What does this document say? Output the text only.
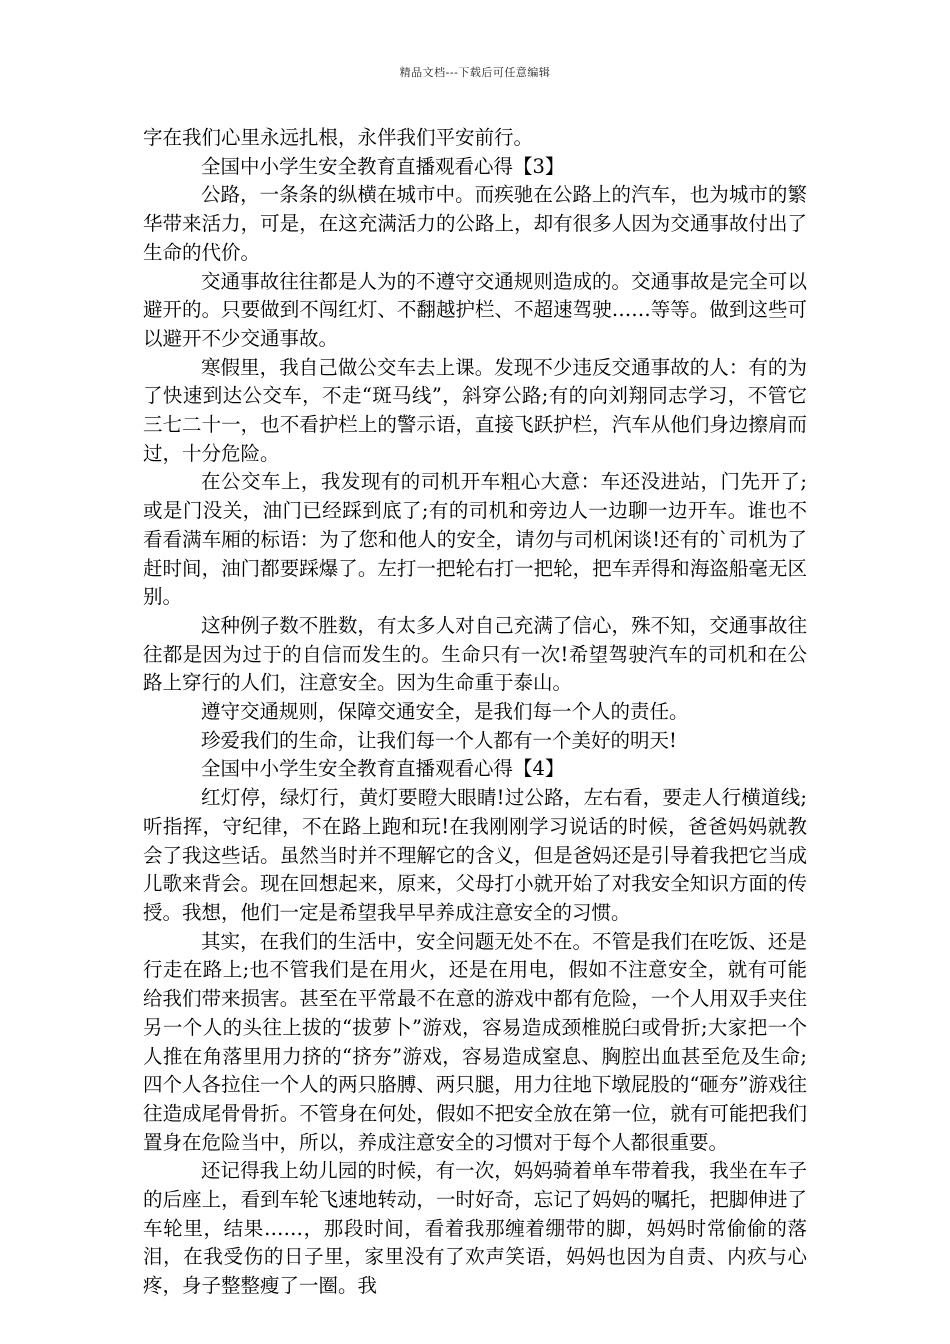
精品文档---下载后可任意编辑

字在我们心里永远扎根，永伴我们平安前行。

全国中小学生安全教育直播观看心得【3】

公路，一条条的纵横在城市中。而疾驰在公路上的汽车，也为城市的繁华带来活力，可是，在这充满活力的公路上，却有很多人因为交通事故付出了生命的代价。

交通事故往往都是人为的不遵守交通规则造成的。交通事故是完全可以避开的。只要做到不闯红灯、不翻越护栏、不超速驾驶……等等。做到这些可以避开不少交通事故。

寒假里，我自己做公交车去上课。发现不少违反交通事故的人：有的为了快速到达公交车，不走“斑马线”，斜穿公路;有的向刘翔同志学习，不管它三七二十一，也不看护栏上的警示语，直接飞跃护栏，汽车从他们身边擦肩而过，十分危险。

在公交车上，我发现有的司机开车粗心大意：车还没进站，门先开了;或是门没关，油门已经踩到底了;有的司机和旁边人一边聊一边开车。谁也不看看满车厢的标语：为了您和他人的安全，请勿与司机闲谈!还有的`司机为了赶时间，油门都要踩爆了。左打一把轮右打一把轮，把车弄得和海盗船毫无区别。

这种例子数不胜数，有太多人对自己充满了信心，殊不知，交通事故往往都是因为过于的自信而发生的。生命只有一次!希望驾驶汽车的司机和在公路上穿行的人们，注意安全。因为生命重于泰山。

遵守交通规则，保障交通安全，是我们每一个人的责任。

珍爱我们的生命，让我们每一个人都有一个美好的明天!

全国中小学生安全教育直播观看心得【4】

红灯停，绿灯行，黄灯要瞪大眼睛!过公路，左右看，要走人行横道线;听指挥，守纪律，不在路上跑和玩!在我刚刚学习说话的时候，爸爸妈妈就教会了我这些话。虽然当时并不理解它的含义，但是爸妈还是引导着我把它当成儿歌来背会。现在回想起来，原来，父母打小就开始了对我安全知识方面的传授。我想，他们一定是希望我早早养成注意安全的习惯。

其实，在我们的生活中，安全问题无处不在。不管是我们在吃饭、还是行走在路上;也不管我们是在用火，还是在用电，假如不注意安全，就有可能给我们带来损害。甚至在平常最不在意的游戏中都有危险，一个人用双手夹住另一个人的头往上拔的“拔萝卜”游戏，容易造成颈椎脱臼或骨折;大家把一个人推在角落里用力挤的“挤夯”游戏，容易造成窒息、胸腔出血甚至危及生命;四个人各拉住一个人的两只胳膊、两只腿，用力往地下墩屁股的“砸夯”游戏往往造成尾骨骨折。不管身在何处，假如不把安全放在第一位，就有可能把我们置身在危险当中，所以，养成注意安全的习惯对于每个人都很重要。

还记得我上幼儿园的时候，有一次，妈妈骑着单车带着我，我坐在车子的后座上，看到车轮飞速地转动，一时好奇，忘记了妈妈的嘱托，把脚伸进了车轮里，结果……，那段时间，看着我那缠着绷带的脚，妈妈时常偷偷的落泪，在我受伤的日子里，家里没有了欢声笑语，妈妈也因为自责、内疚与心疼，身子整整瘦了一圈。我
